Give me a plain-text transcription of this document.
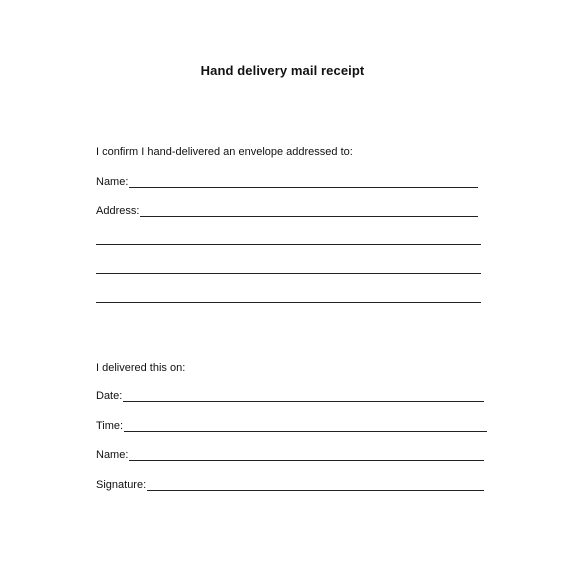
Hand delivery mail receipt
I confirm I hand-delivered an envelope addressed to:
Name:
Address:
I delivered this on:
Date:
Time:
Name:
Signature:
